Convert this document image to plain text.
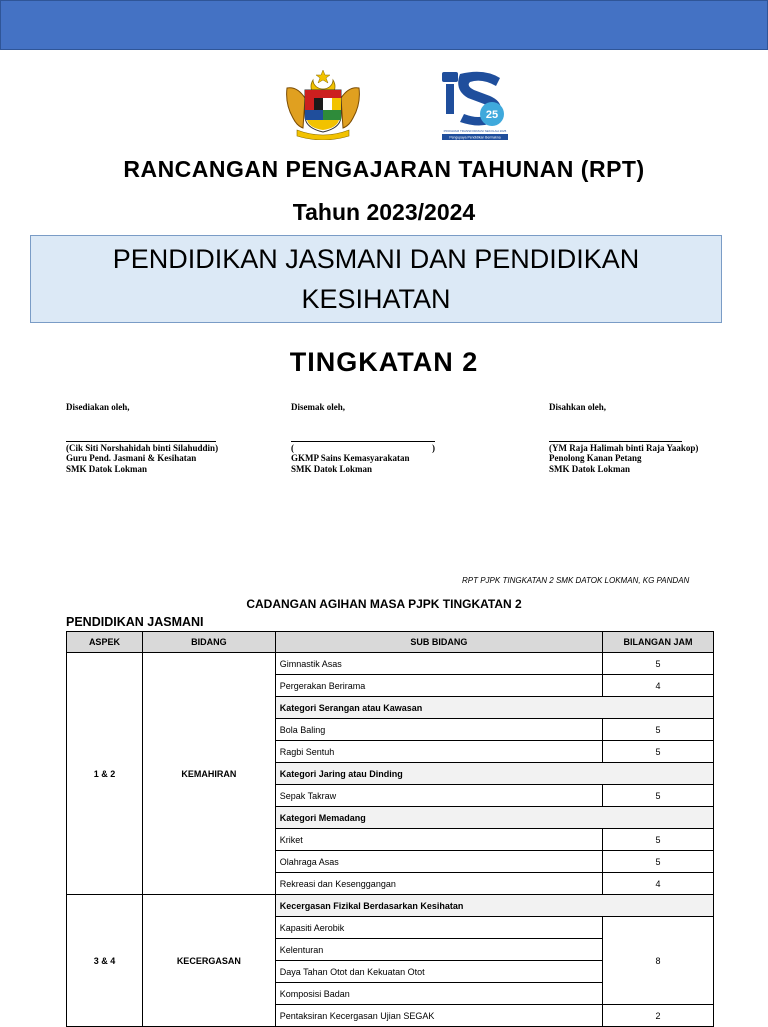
25
PROGRAM TRANSFORMASI SEKOLAH 2025
Pengupaya Pendidikan Bermakna
RANCANGAN PENGAJARAN TAHUNAN (RPT)
Tahun 2023/2024
PENDIDIKAN JASMANI DAN PENDIDIKAN
KESIHATAN
TINGKATAN 2
Disediakan oleh,
(Cik Siti Norshahidah binti Silahuddin)
Guru Pend. Jasmani & Kesihatan
SMK Datok Lokman
Disemak oleh,
(	)
GKMP Sains Kemasyarakatan
SMK Datok Lokman
Disahkan oleh,
(YM Raja Halimah binti Raja Yaakop)
Penolong Kanan Petang
SMK Datok Lokman
RPT PJPK TINGKATAN 2 SMK DATOK LOKMAN, KG PANDAN
CADANGAN AGIHAN MASA PJPK TINGKATAN 2
PENDIDIKAN JASMANI
ASPEK	BIDANG	SUB BIDANG	BILANGAN JAM
1 & 2	KEMAHIRAN	Gimnastik Asas	5
		Pergerakan Berirama	4
		Kategori Serangan atau Kawasan	
		Bola Baling	5
		Ragbi Sentuh	5
		Kategori Jaring atau Dinding	
		Sepak Takraw	5
		Kategori Memadang	
		Kriket	5
		Olahraga Asas	5
		Rekreasi dan Kesenggangan	4
3 & 4	KECERGASAN	Kecergasan Fizikal Berdasarkan Kesihatan	
		Kapasiti Aerobik	8
		Kelenturan	
		Daya Tahan Otot dan Kekuatan Otot	
		Komposisi Badan	
		Pentaksiran Kecergasan Ujian SEGAK	2
